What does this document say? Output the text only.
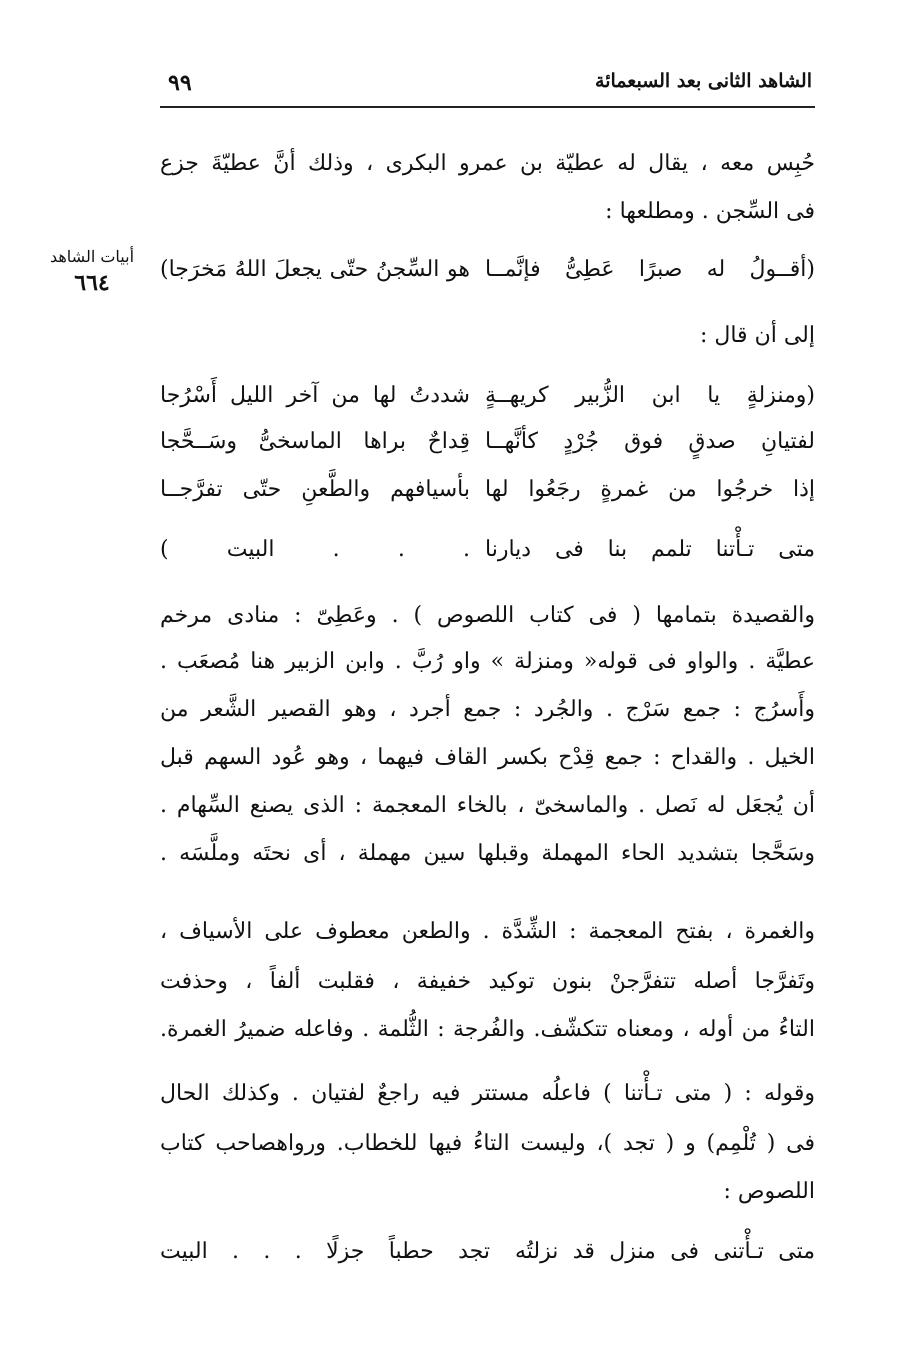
الشاهد الثانى بعد السبعمائة
٩٩
أبيات الشاهد
٦٦٤
حُبِس معه ، يقال له عطيّة بن عمرو البكرى ، وذلك أنَّ عطيّةَ جزع
فى السِّجن . ومطلعها :
(أقــولُ له صبرًا عَطِىُّ فإنَّمــا
هو السِّجنُ حتّى يجعلَ اللهُ مَخرَجا)
إلى أن قال :
(ومنزلةٍ يا ابن الزُّبير كريهــةٍ
شددتُ لها من آخر الليل أَسْرُجا
لفتيانِ صدقٍ فوق جُرْدٍ كأنَّهــا
قِداحٌ براها الماسخىُّ وسَــحَّجا
إذا خرجُوا من غمرةٍ رجَعُوا لها
بأسيافهم والطَّعنِ حتّى تفرَّجــا
متى تـأْتنا تلمم بنا فى ديارنا
. . . البيت )
والقصيدة بتمامها ( فى كتاب اللصوص ) . وعَطِىّ : منادى مرخم
عطيَّة . والواو فى قوله« ومنزلة » واو رُبَّ . وابن الزبير هنا مُصعَب .
وأَسرُج : جمع سَرْج . والجُرد : جمع أجرد ، وهو القصير الشَّعر من
الخيل . والقداح : جمع قِدْح بكسر القاف فيهما ، وهو عُود السهم قبل
أن يُجعَل له نَصل . والماسخىّ ، بالخاء المعجمة : الذى يصنع السِّهام .
وسَحَّجا بتشديد الحاء المهملة وقبلها سين مهملة ، أى نحتَه وملَّسَه .
والغمرة ، بفتح المعجمة : الشِّدَّة . والطعن معطوف على الأسياف ،
وتَفرَّجا أصله تتفرَّجنْ بنون توكيد خفيفة ، فقلبت ألفاً ، وحذفت
التاءُ من أوله ، ومعناه تتكشّف. والفُرجة : الثُّلمة . وفاعله ضميرُ الغمرة.
وقوله : ( متى تـأْتنا ) فاعلُه مستتر فيه راجعٌ لفتيان . وكذلك الحال
فى ( تُلْمِم) و ( تجد )، وليست التاءُ فيها للخطاب. ورواهصاحب كتاب
اللصوص :
متى تـأْتنى فى منزل قد نزلتُه
تجد حطباً جزلًا . . . البيت
